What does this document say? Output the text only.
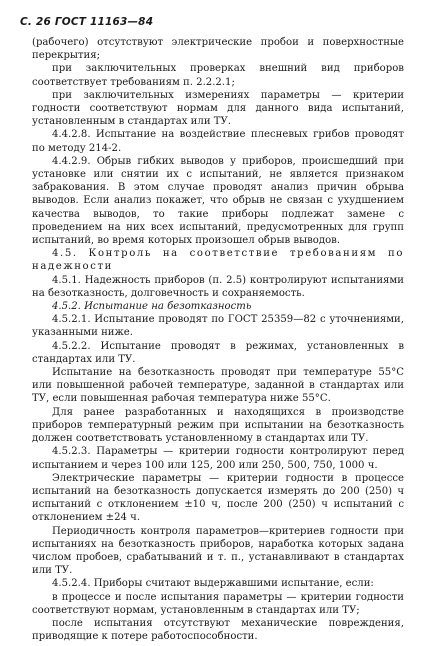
С. 26 ГОСТ 11163—84

(рабочего) отсутствуют электрические пробои и поверхностные перекрытия;

при заключительных проверках внешний вид приборов соответствует требованиям п. 2.2.2.1;

при заключительных измерениях параметры — критерии годности соответствуют нормам для данного вида испытаний, установленным в стандартах или ТУ.

4.4.2.8. Испытание на воздействие плесневых грибов проводят по методу 214-2.

4.4.2.9. Обрыв гибких выводов у приборов, происшедший при установке или снятии их с испытаний, не является признаком забракования. В этом случае проводят анализ причин обрыва выводов. Если анализ покажет, что обрыв не связан с ухудшением качества выводов, то такие приборы подлежат замене с проведением на них всех испытаний, предусмотренных для групп испытаний, во время которых произошел обрыв выводов.

4.5. Контроль на соответствие требованиям по надежности

4.5.1. Надежность приборов (п. 2.5) контролируют испытаниями на безотказность, долговечность и сохраняемость.

4.5.2. Испытание на безотказность

4.5.2.1. Испытание проводят по ГОСТ 25359—82 с уточнениями, указанными ниже.

4.5.2.2. Испытание проводят в режимах, установленных в стандартах или ТУ.

Испытание на безотказность проводят при температуре 55°С или повышенной рабочей температуре, заданной в стандартах или ТУ, если повышенная рабочая температура ниже 55°С.

Для ранее разработанных и находящихся в производстве приборов температурный режим при испытании на безотказность должен соответствовать установленному в стандартах или ТУ.

4.5.2.3. Параметры — критерии годности контролируют перед испытанием и через 100 или 125, 200 или 250, 500, 750, 1000 ч.

Электрические параметры — критерии годности в процессе испытаний на безотказность допускается измерять до 200 (250) ч испытаний с отклонением ±10 ч, после 200 (250) ч испытаний с отклонением ±24 ч.

Периодичность контроля параметров—критериев годности при испытаниях на безотказность приборов, наработка которых задана числом пробоев, срабатываний и т. п., устанавливают в стандартах или ТУ.

4.5.2.4. Приборы считают выдержавшими испытание, если:

в процессе и после испытания параметры — критерии годности соответствуют нормам, установленным в стандартах или ТУ;

после испытания отсутствуют механические повреждения, приводящие к потере работоспособности.
